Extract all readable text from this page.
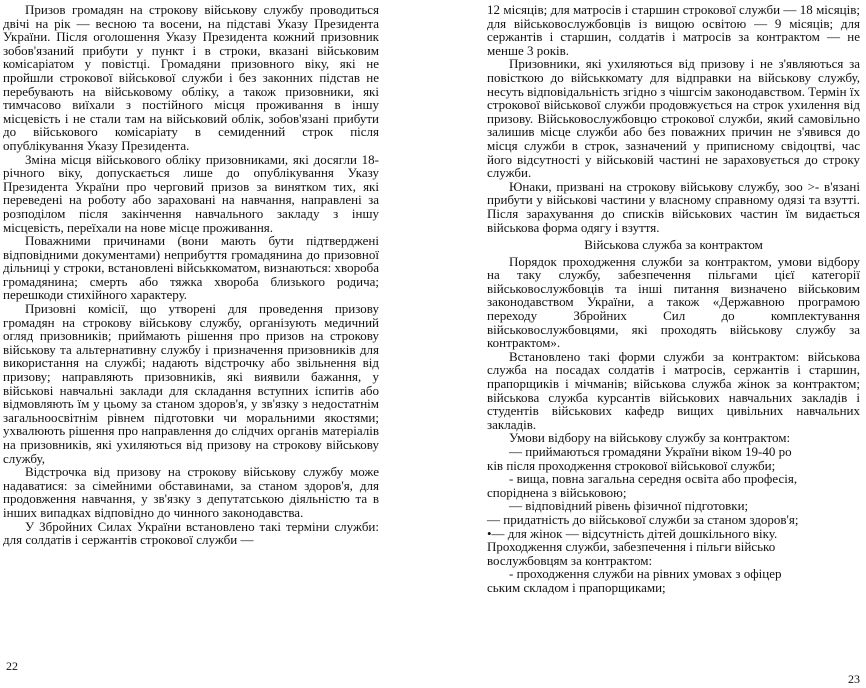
Призов громадян на строкову військову службу проводиться двічі на рік — весною та восени, на підставі Указу Президента України. Після оголошення Указу Президента кожний призовник зобов'язаний прибути у пункт і в строки, вказані військовим комісаріатом у повістці. Громадяни призовного віку, які не пройшли строкової військової служби і без законних підстав не перебувають на військовому обліку, а також призовники, які тимчасово виїхали з постійного місця проживання в іншу місцевість і не стали там на військовий облік, зобов'язані прибути до військового комісаріату в семиденний строк після опублікування Указу Президента.

Зміна місця військового обліку призовниками, які досягли 18-річного віку, допускається лише до опублікування Указу Президента України про черговий призов за винятком тих, які переведені на роботу або зараховані на навчання, направлені за розподілом після закінчення навчального закладу з іншу місцевість, переїхали на нове місце проживання.

Поважними причинами (вони мають бути підтверджені відповідними документами) неприбуття громадянина до призовної дільниці у строки, встановлені військкоматом, визнаються: хвороба громадянина; смерть або тяжка хвороба близького родича; перешкоди стихійного характеру.

Призовні комісії, що утворені для проведення призову громадян на строкову військову службу, організують медичний огляд призовників; приймають рішення про призов на строкову військову та альтернативну службу і призначення призовників для використання на службі; надають відстрочку або звільнення від призову; направляють призовників, які виявили бажання, у військові навчальні заклади для складання вступних іспитів або відмовляють їм у цьому за станом здоров'я, у зв'язку з недостатнім загальноосвітнім рівнем підготовки чи моральними якостями; ухвалюють рішення про направлення до слідчих органів матеріалів на призовників, які ухиляються від призову на строкову військову службу,

Відстрочка від призову на строкову військову службу може надаватися: за сімейними обставинами, за станом здоров'я, для продовження навчання, у зв'язку з депутатською діяльністю та в інших випадках відповідно до чинного законодавства.

У Збройних Силах України встановлено такі терміни служби: для солдатів і сержантів строкової служби —

22

12 місяців; для матросів і старшин строкової служби — 18 місяців; для військовослужбовців із вищою освітою — 9 місяців; для сержантів і старшин, солдатів і матросів за контрактом — не менше 3 років.

Призовники, які ухиляються від призову і не з'являються за повісткою до військкомату для відправки на військову службу, несуть відповідальність згідно з чішгсім законодавством. Термін їх строкової військової служби продовжується на строк ухилення від призову. Військовослужбовцю строкової служби, який самовільно залишив місце служби або без поважних причин не з'явився до місця служби в строк, зазначений у приписному свідоцтві, час його відсутності у військовій частині не зараховується до строку служби.

Юнаки, призвані на строкову військову службу, зоо >- в'язані прибути у військові частини у власному справному одязі та взутті. Після зарахування до списків військових частин їм видається військова форма одягу і взуття.

Військова служба за контрактом

Порядок проходження служби за контрактом, умови відбору на таку службу, забезпечення пільгами цієї категорії військовослужбовців та інші питання визначено військовим законодавством України, а також «Державною програмою переходу Збройних Сил до комплектування військовослужбовцями, які проходять військову службу за контрактом».

Встановлено такі форми служби за контрактом: військова служба на посадах солдатів і матросів, сержантів і старшин, прапорщиків і мічманів; військова служба жінок за контрактом; військова служба курсантів військових навчальних закладів і студентів військових кафедр вищих цивільних навчальних закладів.

Умови відбору на військову службу за контрактом:

— приймаються громадяни України віком 19-40 ро

ків після проходження строкової військової служби;

- вища, повна загальна середня освіта або професія,

споріднена з військовою;

— відповідний рівень фізичної підготовки;

— придатність до військової служби за станом здоров'я;

•— для жінок — відсутність дітей дошкільного віку.

Проходження служби, забезпечення і пільги військо

вослужбовцям за контрактом:

- проходження служби на рівних умовах з офіцер

ським складом і прапорщиками;

23
